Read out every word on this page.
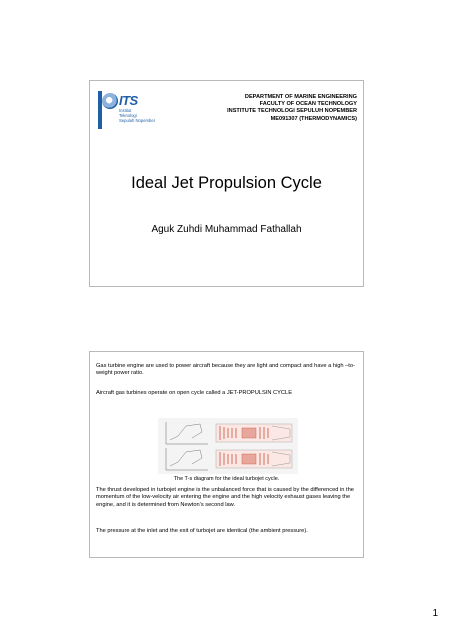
ITS
Institut
Teknologi
Sepuluh Nopember
DEPARTMENT OF MARINE ENGINEERING
FACULTY OF OCEAN TECHNOLOGY
INSTITUTE TECHNOLOGI SEPULUH NOPEMBER
ME091307 (THERMODYNAMICS)
Ideal Jet Propulsion Cycle
Aguk Zuhdi Muhammad Fathallah
Gas turbine engine are used to power aircraft because they are light and compact and have a high –to-weight power ratio.
Aircraft gas turbines operate on open cycle called a JET-PROPULSIN CYCLE
The T-s diagram for the ideal turbojet cycle.
The thrust developed in turbojet engine is the unbalanced force that is caused by the differenced in the momentum of the low-velocity air entering the engine and the high velocity exhaust gases leaving the engine, and it is determined from Newton’s second law.
The pressure at the inlet and the exit of turbojet are identical (the ambient pressure).
1
